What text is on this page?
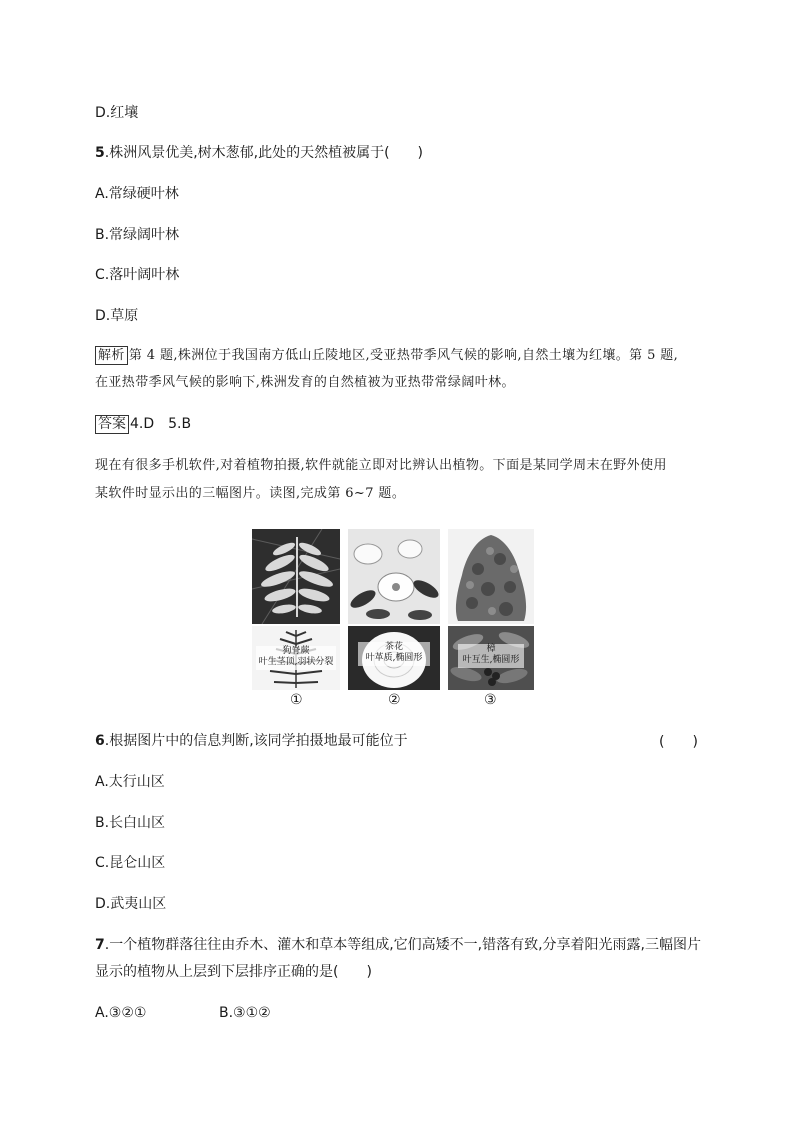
D.红壤
5.株洲风景优美,树木葱郁,此处的天然植被属于(　　)
A.常绿硬叶林
B.常绿阔叶林
C.落叶阔叶林
D.草原
解析 第 4 题,株洲位于我国南方低山丘陵地区,受亚热带季风气候的影响,自然土壤为红壤。第 5 题,
在亚热带季风气候的影响下,株洲发育的自然植被为亚热带常绿阔叶林。
答案 4.D　5.B
现在有很多手机软件,对着植物拍摄,软件就能立即对比辨认出植物。下面是某同学周末在野外使用
某软件时显示出的三幅图片。读图,完成第 6~7 题。
狗脊蕨
叶生茎顶,羽状分裂
①
茶花
叶革质,椭圆形
②
樟
叶互生,椭圆形
③
6.根据图片中的信息判断,该同学拍摄地最可能位于	(　　)
A.太行山区
B.长白山区
C.昆仑山区
D.武夷山区
7.一个植物群落往往由乔木、灌木和草本等组成,它们高矮不一,错落有致,分享着阳光雨露,三幅图片
显示的植物从上层到下层排序正确的是(　　)
A.③②①	B.③①②
